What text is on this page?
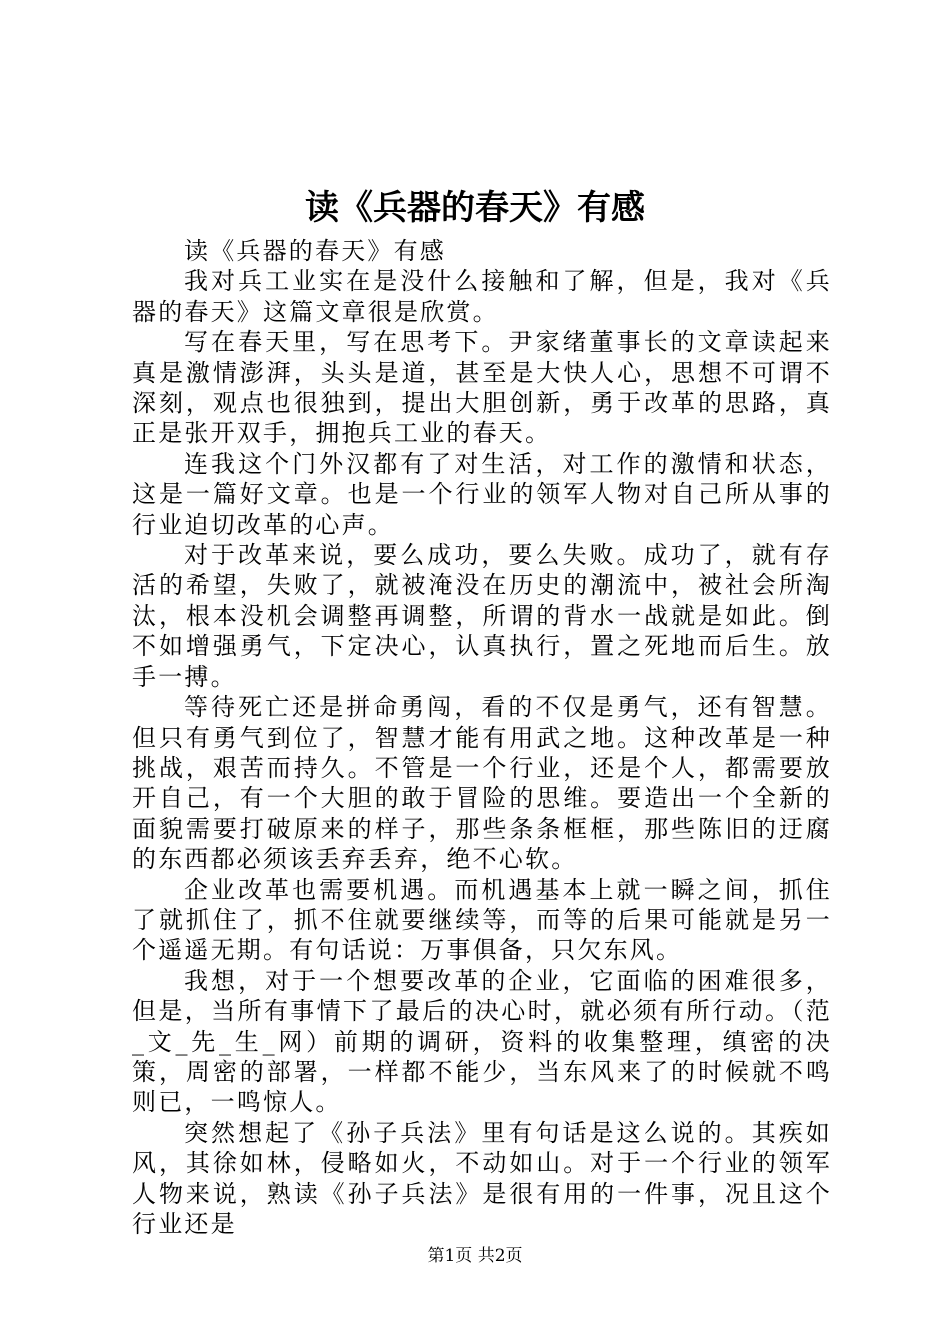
读《兵器的春天》有感

读《兵器的春天》有感

我对兵工业实在是没什么接触和了解，但是，我对《兵器的春天》这篇文章很是欣赏。

写在春天里，写在思考下。尹家绪董事长的文章读起来真是激情澎湃，头头是道，甚至是大快人心，思想不可谓不深刻，观点也很独到，提出大胆创新，勇于改革的思路，真正是张开双手，拥抱兵工业的春天。

连我这个门外汉都有了对生活，对工作的激情和状态，这是一篇好文章。也是一个行业的领军人物对自己所从事的行业迫切改革的心声。

对于改革来说，要么成功，要么失败。成功了，就有存活的希望，失败了，就被淹没在历史的潮流中，被社会所淘汰，根本没机会调整再调整，所谓的背水一战就是如此。倒不如增强勇气，下定决心，认真执行，置之死地而后生。放手一搏。

等待死亡还是拼命勇闯，看的不仅是勇气，还有智慧。但只有勇气到位了，智慧才能有用武之地。这种改革是一种挑战，艰苦而持久。不管是一个行业，还是个人，都需要放开自己，有一个大胆的敢于冒险的思维。要造出一个全新的面貌需要打破原来的样子，那些条条框框，那些陈旧的迂腐的东西都必须该丢弃丢弃，绝不心软。

企业改革也需要机遇。而机遇基本上就一瞬之间，抓住了就抓住了，抓不住就要继续等，而等的后果可能就是另一个遥遥无期。有句话说：万事俱备，只欠东风。

我想，对于一个想要改革的企业，它面临的困难很多，但是，当所有事情下了最后的决心时，就必须有所行动。（范_文_先_生_网）前期的调研，资料的收集整理，缜密的决策，周密的部署，一样都不能少，当东风来了的时候就不鸣则已，一鸣惊人。

突然想起了《孙子兵法》里有句话是这么说的。其疾如风，其徐如林，侵略如火，不动如山。对于一个行业的领军人物来说，熟读《孙子兵法》是很有用的一件事，况且这个行业还是

第1页 共2页
